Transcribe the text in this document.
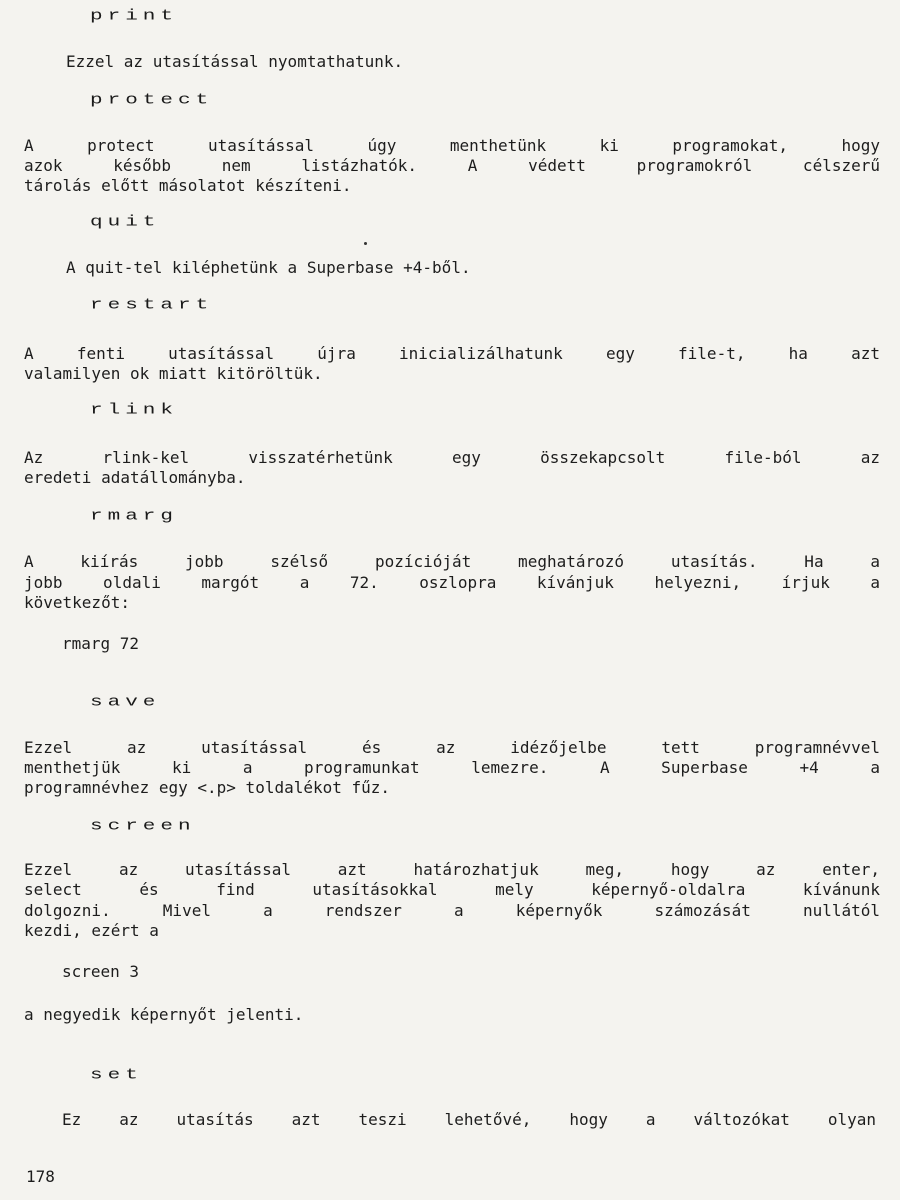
print
Ezzel az utasítással nyomtathatunk.
protect
A protect utasítással úgy menthetünk ki programokat, hogy
azok később nem listázhatók. A védett programokról célszerű
tárolás előtt másolatot készíteni.
quit
A quit-tel kiléphetünk a Superbase +4-ből.
restart
A fenti utasítással újra inicializálhatunk egy file-t, ha azt
valamilyen ok miatt kitöröltük.
rlink
Az rlink-kel visszatérhetünk egy összekapcsolt file-ból az
eredeti adatállományba.
rmarg
A kiírás jobb szélső pozícióját meghatározó utasítás. Ha a
jobb oldali margót a 72. oszlopra kívánjuk helyezni, írjuk a
következőt:
rmarg 72
save
Ezzel az utasítással és az idézőjelbe tett programnévvel
menthetjük ki a programunkat lemezre. A Superbase +4 a
programnévhez egy <.p> toldalékot fűz.
screen
Ezzel az utasítással azt határozhatjuk meg, hogy az enter,
select és find utasításokkal mely képernyő-oldalra kívánunk
dolgozni. Mivel a rendszer a képernyők számozását nullától
kezdi, ezért a
screen 3
a negyedik képernyőt jelenti.
set
Ez az utasítás azt teszi lehetővé, hogy a változókat olyan
178
